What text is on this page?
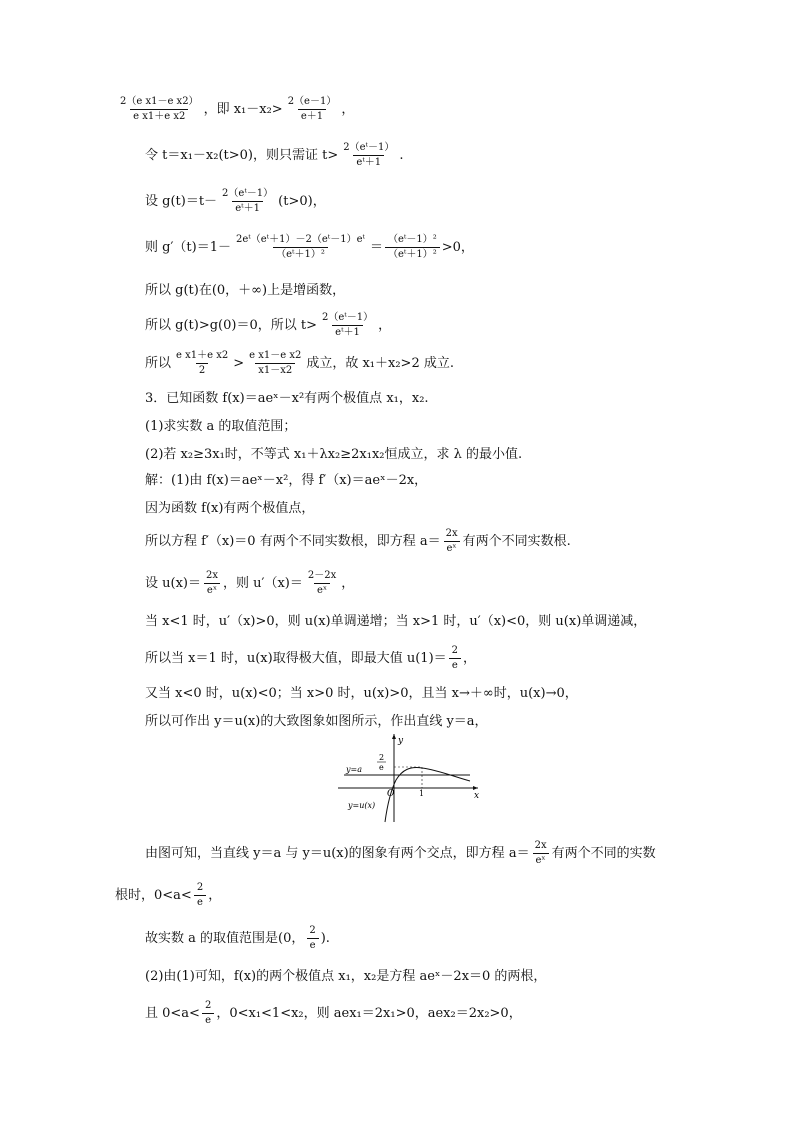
$\frac{\text{2（e x1－e x2）}}{\text{e x1＋e x2}}$ ，即 $x_1-x_2> \frac{2(e-1)}{e+1}$ ，
令 t＝x₁－x₂(t>0)，则只需证 $t> \frac{\text{2（eᵗ－1）}}{\text{eᵗ＋1}}$ .
设 $g(t)=t- \frac{\text{2（eᵗ－1）}}{\text{eᵗ＋1}} (t>0)$，
则 $g'(t)=1- \frac{\text{2eᵗ（eᵗ＋1）－2（eᵗ－1）eᵗ}}{\text{（eᵗ＋1）²}} = \frac{\text{（eᵗ－1）²}}{\text{（eᵗ＋1）²}} >0$，
所以 g(t)在(0，＋∞)上是增函数，
所以 g(t)>g(0)＝0，所以 $t> \frac{\text{2（eᵗ－1）}}{\text{eᵗ＋1}}$ ，
所以 $\frac{\text{e x1＋e x2}}{2} > \frac{\text{e x1－e x2}}{x1-x2}$ 成立，故 x₁＋x₂>2 成立.
3．已知函数 f(x)＝aeˣ－x²有两个极值点 x₁，x₂.
(1)求实数 a 的取值范围；
(2)若 x₂≥3x₁时，不等式 x₁＋λx₂≥2x₁x₂恒成立，求 λ 的最小值.
解：(1)由 f(x)＝aeˣ－x²，得 f′（x)＝aeˣ－2x，
因为函数 f(x)有两个极值点，
所以方程 f′（x)＝0 有两个不同实数根，即方程 $a= \frac{2x}{\text{eˣ}}$ 有两个不同实数根.
设 $u(x)= \frac{2x}{\text{eˣ}}$ ，则 $u'(x)= \frac{2-2x}{\text{eˣ}}$ ，
当 x<1 时，u′（x)>0，则 u(x)单调递增；当 x>1 时，u′（x)<0，则 u(x)单调递减，
所以当 x＝1 时，u(x)取得极大值，即最大值 $u(1)= \frac{2}{e}$ ，
又当 x<0 时，u(x)<0；当 x>0 时，u(x)>0，且当 x→＋∞时，u(x)→0，
所以可作出 y＝u(x)的大致图象如图所示，作出直线 y＝a，
y
x
y=a
y=u(x)
O	1
2
e
由图可知，当直线 y＝a 与 y＝u(x)的图象有两个交点，即方程 $a= \frac{2x}{\text{eˣ}}$ 有两个不同的实数
根时，$0<a< \frac{2}{e}$ ，
故实数 a 的取值范围是(0， $\frac{2}{e}$ ).
(2)由(1)可知，f(x)的两个极值点 x₁，x₂是方程 aeˣ－2x＝0 的两根，
且 $0<a< \frac{2}{e}$ ，0<x₁<1<x₂，则 aex₁＝2x₁>0，aex₂＝2x₂>0，
